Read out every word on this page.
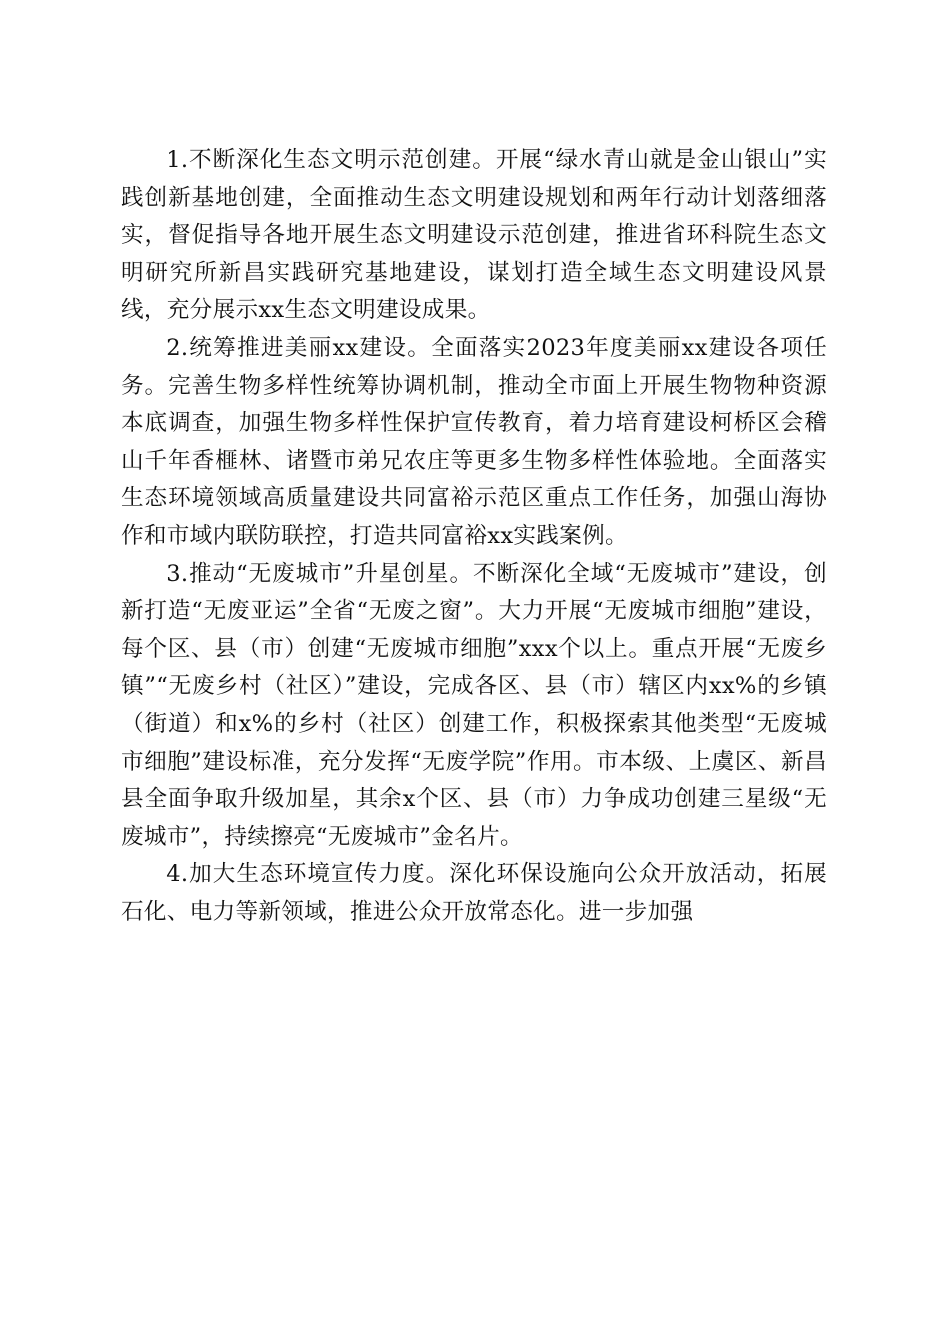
1.不断深化生态文明示范创建。开展“绿水青山就是金山银山”实践创新基地创建，全面推动生态文明建设规划和两年行动计划落细落实，督促指导各地开展生态文明建设示范创建，推进省环科院生态文明研究所新昌实践研究基地建设，谋划打造全域生态文明建设风景线，充分展示xx生态文明建设成果。

2.统筹推进美丽xx建设。全面落实2023年度美丽xx建设各项任务。完善生物多样性统筹协调机制，推动全市面上开展生物物种资源本底调查，加强生物多样性保护宣传教育，着力培育建设柯桥区会稽山千年香榧林、诸暨市弟兄农庄等更多生物多样性体验地。全面落实生态环境领域高质量建设共同富裕示范区重点工作任务，加强山海协作和市域内联防联控，打造共同富裕xx实践案例。

3.推动“无废城市”升星创星。不断深化全域“无废城市”建设，创新打造“无废亚运”全省“无废之窗”。大力开展“无废城市细胞”建设，每个区、县（市）创建“无废城市细胞”xxx个以上。重点开展“无废乡镇”“无废乡村（社区）”建设，完成各区、县（市）辖区内xx%的乡镇（街道）和x%的乡村（社区）创建工作，积极探索其他类型“无废城市细胞”建设标准，充分发挥“无废学院”作用。市本级、上虞区、新昌县全面争取升级加星，其余x个区、县（市）力争成功创建三星级“无废城市”，持续擦亮“无废城市”金名片。

4.加大生态环境宣传力度。深化环保设施向公众开放活动，拓展石化、电力等新领域，推进公众开放常态化。进一步加强
